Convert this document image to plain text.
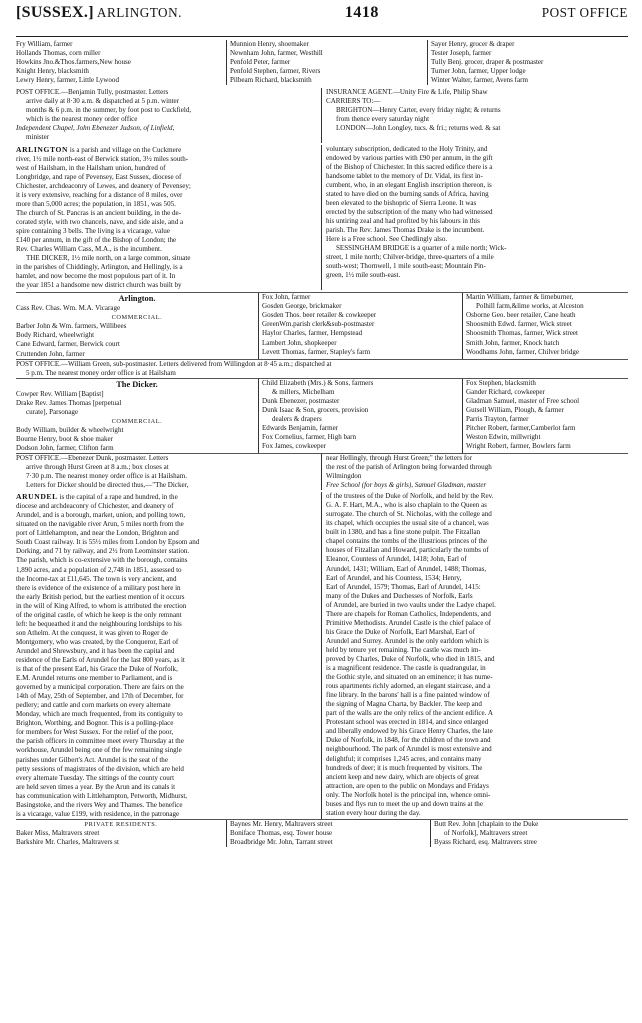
[SUSSEX.] ARLINGTON.	1418	POST OFFICE
Fry William, farmer
Hollands Thomas, corn miller
Howkins Jno.&Thos.farmers,New house
Knight Henry, blacksmith
Lewry Henry, farmer, Little Lywood
Munnion Henry, shoemaker
Newnham John, farmer, Westhill
Penfold Peter, farmer
Penfold Stephen, farmer, Rivers
Pilbeam Richard, blacksmith
Sayer Henry, grocer & draper
Tester Joseph, farmer
Tully Benj. grocer, draper & postmaster
Turner John, farmer, Upper lodge
Winter Walter, farmer, Avens farm
POST OFFICE.—Benjamin Tully, postmaster. Letters
arrive daily at 8·30 a.m. & dispatched at 5 p.m. winter
months & 6 p.m. in the summer, by foot post to Cuckfield,
which is the nearest money order office
Independent Chapel, John Ebenezer Judson, of Linfield,
minister
INSURANCE AGENT.—Unity Fire & Life, Philip Shaw
CARRIERS TO:—
BRIGHTON—Henry Carter, every friday night; & returns
from thence every saturday night
LONDON—John Longley, tucs. & fri.; returns wed. & sat
ARLINGTON is a parish and village on the Cuckmere
river, 1½ mile north-east of Berwick station, 3½ miles south-
west of Hailsham, in the Hailsham union, hundred of
Longbridge, and rape of Pevensey, East Sussex, diocese of
Chichester, archdeaconry of Lewes, and deanery of Pevensey;
it is very extensive, reaching for a distance of 8 miles, over
more than 5,000 acres; the population, in 1851, was 505.
The church of St. Pancras is an ancient building, in the de-
corated style, with two chancels, nave, and side aisle, and a
spire containing 3 bells. The living is a vicarage, value
£140 per annum, in the gift of the Bishop of London; the
Rev. Charles William Cass, M.A., is the incumbent.
THE DICKER, 1½ mile north, on a large common, situate
in the parishes of Chiddingly, Arlington, and Hellingly, is a
hamlet, and now become the most populous part of it. In
the year 1851 a handsome new district church was built by
voluntary subscription, dedicated to the Holy Trinity, and
endowed by various parties with £90 per annum, in the gift
of the Bishop of Chichester. In this sacred edifice there is a
handsome tablet to the memory of Dr. Vidal, its first in-
cumbent, who, in an elegant English inscription thereon, is
stated to have died on the burning sands of Africa, having
been elevated to the bishopric of Sierra Leone. It was
erected by the subscription of the many who had witnessed
his untiring zeal and had profited by his labours in this
parish. The Rev. James Thomas Drake is the incumbent.
Here is a Free school. See Chedlingly also.
SESSINGHAM BRIDGE is a quarter of a mile north; Wick-
street, 1 mile north; Chilver-bridge, three-quarters of a mile
south-west; Thornwell, 1 mile south-east; Mountain Pin-
green, 1½ mile south-east.
Arlington.
Cass Rev. Chas. Wm. M.A. Vicarage
COMMERCIAL.
Barber John & Wm. farmers, Willibees
Body Richard, wheelwright
Cane Edward, farmer, Berwick court
Cruttenden John, farmer
Fox John, farmer
Gosden George, brickmaker
Gosden Thos. beer retailer & cowkeeper
GreenWm.parish clerk&sub-postmaster
Haylor Charles, farmer, Hempstead
Lambert John, shopkeeper
Levett Thomas, farmer, Stapley's farm
Martin William, farmer & limeburner,
Polhill farm,&lime works, at Alceston
Osborne Geo. beer retailer, Cane heath
Shoosmith Edwd. farmer, Wick street
Shoosmith Thomas, farmer, Wick street
Smith John, farmer, Knock hatch
Woodhams John, farmer, Chilver bridge
POST OFFICE.—William Green, sub-postmaster. Letters delivered from Willingdon at 8·45 a.m.; dispatched at
5 p.m. The nearest money order office is at Hailsham
The Dicker.
Cowper Rev. William [Baptist]
Drake Rev. James Thomas [perpetual
curate], Parsonage
COMMERCIAL.
Body William, builder & wheelwright
Bourne Henry, boot & shoe maker
Dodson John, farmer, Clifton farm
Child Elizabeth (Mrs.) & Sons, farmers
& millers, Michelham
Dunk Ebenezer, postmaster
Dunk Isaac & Son, grocers, provision
dealers & drapers
Edwards Benjamin, farmer
Fox Cornelius, farmer, High barn
Fox James, cowkeeper
Fox Stephen, blacksmith
Gander Richard, cowkeeper
Gladman Samuel, master of Free school
Gutsell William, Plough, & farmer
Parris Trayton, farmer
Pitcher Robert, farmer,Camberlot farm
Weston Edwin, millwright
Wright Robert, farmer, Bowlers farm
POST OFFICE.—Ebenezer Dunk, postmaster. Letters
arrive through Hurst Green at 8 a.m.; box closes at
7·30 p.m. The nearest money order office is at Hailsham.
Letters for Dicker should be directed thus,—"The Dicker,
near Hellingly, through Hurst Green;" the letters for
the rest of the parish of Arlington being forwarded through
Wilmingdon
Free School (for boys & girls), Samuel Gladman, master
ARUNDEL is the capital of a rape and hundred, in the
diocese and archdeaconry of Chichester, and deanery of
Arundel, and is a borough, market, union, and polling town,
situated on the navigable river Arun, 5 miles north from the
port of Littlehampton, and near the London, Brighton and
South Coast railway. It is 55½ miles from London by Epsom and
Dorking, and 71 by railway, and 2½ from Leominster station.
The parish, which is co-extensive with the borough, contains
1,890 acres, and a population of 2,748 in 1851, assessed to
the Income-tax at £11,645. The town is very ancient, and
there is evidence of the existence of a military post here in
the early British period, but the earliest mention of it occurs
in the will of King Alfred, to whom is attributed the erection
of the original castle, of which he keep is the only remnant
left: he bequeathed it and the neighbouring lordships to his
son Athelm. At the conquest, it was given to Roger de
Montgomery, who was created, by the Conqueror, Earl of
Arundel and Shrewsbury, and it has been the capital and
residence of the Earls of Arundel for the last 800 years, as it
is that of the present Earl, his Grace the Duke of Norfolk,
E.M. Arundel returns one member to Parliament, and is
governed by a municipal corporation. There are fairs on the
14th of May, 25th of September, and 17th of December, for
pedlery; and cattle and corn markets on every alternate
Monday, which are much frequented, from its contiguity to
Brighton, Worthing, and Bognor. This is a polling-place
for members for West Sussex. For the relief of the poor,
the parish officers in committee meet every Thursday at the
workhouse, Arundel being one of the few remaining single
parishes under Gilbert's Act. Arundel is the seat of the
petty sessions of magistrates of the division, which are held
every alternate Tuesday. The sittings of the county court
are held seven times a year. By the Arun and its canals it
has communication with Littlehampton, Petworth, Midhurst,
Basingstoke, and the rivers Wey and Thames. The benefice
is a vicarage, value £199, with residence, in the patronage
of the trustees of the Duke of Norfolk, and held by the Rev.
G. A. F. Hart, M.A., who is also chaplain to the Queen as
surrogate. The church of St. Nicholas, with the college and
its chapel, which occupies the usual site of a chancel, was
built in 1380, and has a fine stone pulpit. The Fitzallan
chapel contains the tombs of the illustrious princes of the
houses of Fitzallan and Howard, particularly the tombs of
Eleanor, Countess of Arundel, 1418; John, Earl of
Arundel, 1431; William, Earl of Arundel, 1488; Thomas,
Earl of Arundel, and his Countess, 1534; Henry,
Earl of Arundel, 1579; Thomas, Earl of Arundel, 1415:
many of the Dukes and Duchesses of Norfolk, Earls
of Arundel, are buried in two vaults under the Ladye chapel.
There are chapels for Roman Catholics, Independents, and
Primitive Methodists. Arundel Castle is the chief palace of
his Grace the Duke of Norfolk, Earl Marshal, Earl of
Arundel and Surrey. Arundel is the only earldom which is
held by tenure yet remaining. The castle was much im-
proved by Charles, Duke of Norfolk, who died in 1815, and
is a magnificent residence. The castle is quadrangular, in
the Gothic style, and situated on an eminence; it has nume-
rous apartments richly adorned, an elegant staircase, and a
fine library. In the barons' hall is a fine painted window of
the signing of Magna Charta, by Backler. The keep and
part of the walls are the only relics of the ancient edifice. A
Protestant school was erected in 1814, and since enlarged
and liberally endowed by his Grace Henry Charles, the late
Duke of Norfolk, in 1848, for the children of the town and
neighbourhood. The park of Arundel is most extensive and
delightful; it comprises 1,245 acres, and contains many
hundreds of deer; it is much frequented by visitors. The
ancient keep and new dairy, which are objects of great
attraction, are open to the public on Mondays and Fridays
only. The Norfolk hotel is the principal inn, whence omni-
buses and flys run to meet the up and down trains at the
station every hour during the day.
PRIVATE RESIDENTS.
Baker Miss, Maltravers street
Barkshire Mr. Charles, Maltravers st
Baynes Mr. Henry, Maltravers street
Boniface Thomas, esq. Tower house
Broadbridge Mr. John, Tarrant street
Butt Rev. John [chaplain to the Duke
of Norfolk], Maltravers street
Byass Richard, esq. Maltravers stree
